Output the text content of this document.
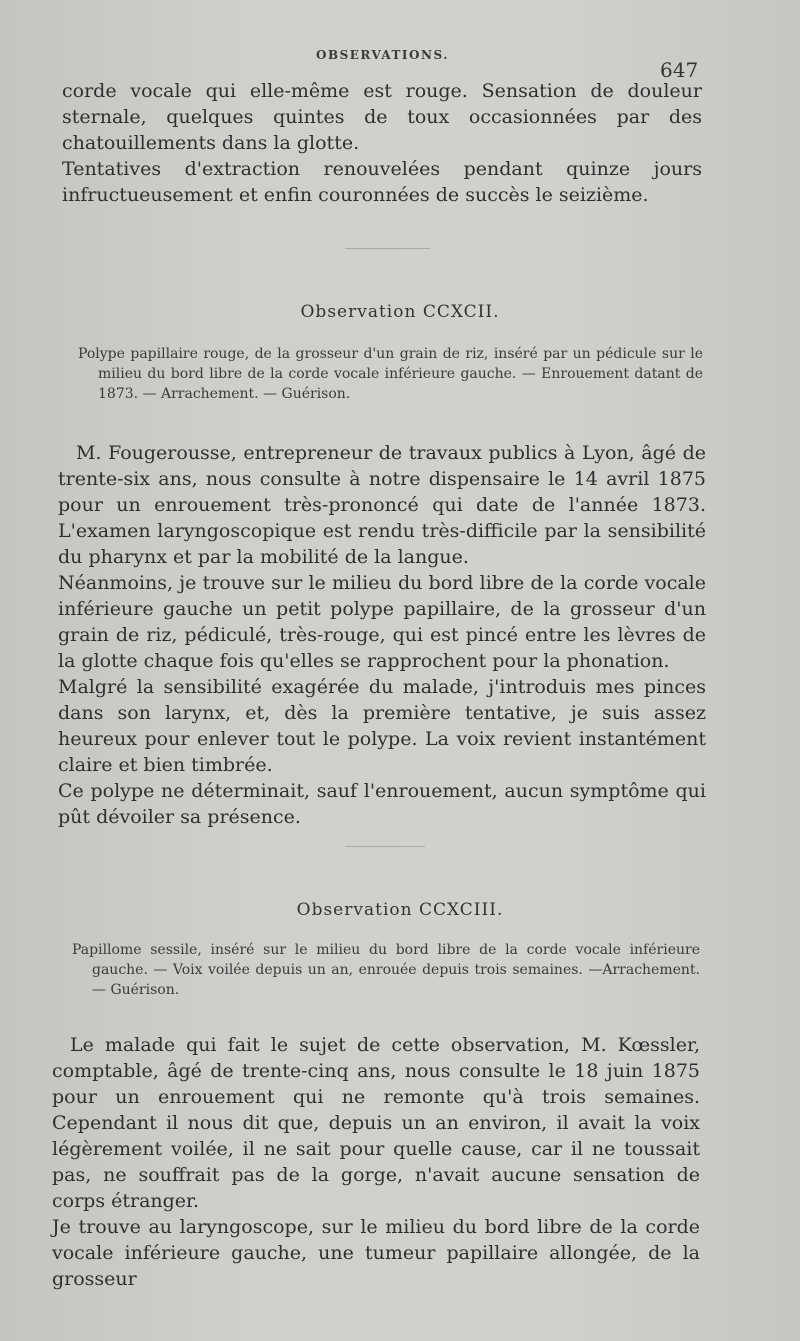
OBSERVATIONS.
647

corde vocale qui elle-même est rouge. Sensation de douleur sternale, quelques quintes de toux occasionnées par des chatouillements dans la glotte.

Tentatives d'extraction renouvelées pendant quinze jours infructueusement et enfin couronnées de succès le seizième.

Observation CCXCII.

Polype papillaire rouge, de la grosseur d'un grain de riz, inséré par un pédicule sur le milieu du bord libre de la corde vocale inférieure gauche. — Enrouement datant de 1873. — Arrachement. — Guérison.

M. Fougerousse, entrepreneur de travaux publics à Lyon, âgé de trente-six ans, nous consulte à notre dispensaire le 14 avril 1875 pour un enrouement très-prononcé qui date de l'année 1873. L'examen laryngoscopique est rendu très-difficile par la sensibilité du pharynx et par la mobilité de la langue.

Néanmoins, je trouve sur le milieu du bord libre de la corde vocale inférieure gauche un petit polype papillaire, de la grosseur d'un grain de riz, pédiculé, très-rouge, qui est pincé entre les lèvres de la glotte chaque fois qu'elles se rapprochent pour la phonation.

Malgré la sensibilité exagérée du malade, j'introduis mes pinces dans son larynx, et, dès la première tentative, je suis assez heureux pour enlever tout le polype. La voix revient instantément claire et bien timbrée.

Ce polype ne déterminait, sauf l'enrouement, aucun symptôme qui pût dévoiler sa présence.

Observation CCXCIII.

Papillome sessile, inséré sur le milieu du bord libre de la corde vocale inférieure gauche. — Voix voilée depuis un an, enrouée depuis trois semaines. —Arrachement. — Guérison.

Le malade qui fait le sujet de cette observation, M. Kœssler, comptable, âgé de trente-cinq ans, nous consulte le 18 juin 1875 pour un enrouement qui ne remonte qu'à trois semaines. Cependant il nous dit que, depuis un an environ, il avait la voix légèrement voilée, il ne sait pour quelle cause, car il ne toussait pas, ne souffrait pas de la gorge, n'avait aucune sensation de corps étranger.

Je trouve au laryngoscope, sur le milieu du bord libre de la corde vocale inférieure gauche, une tumeur papillaire allongée, de la grosseur
